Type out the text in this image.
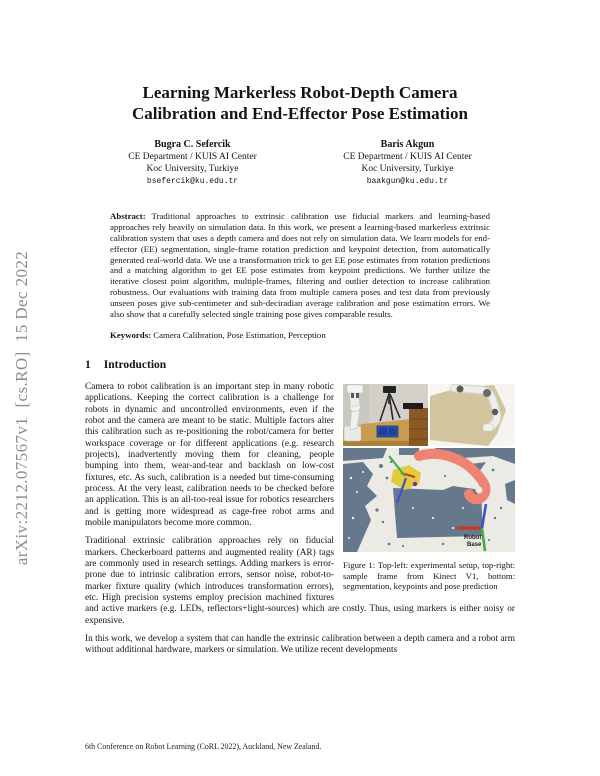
arXiv:2212.07567v1  [cs.RO]  15 Dec 2022
Learning Markerless Robot-Depth Camera
Calibration and End-Effector Pose Estimation
Bugra C. Sefercik
CE Department / KUIS AI Center
Koc University, Turkiye
bsefercik@ku.edu.tr
Baris Akgun
CE Department / KUIS AI Center
Koc University, Turkiye
baakgun@ku.edu.tr
Abstract: Traditional approaches to extrinsic calibration use fiducial markers and learning-based approaches rely heavily on simulation data. In this work, we present a learning-based markerless extrinsic calibration system that uses a depth camera and does not rely on simulation data. We learn models for end-effector (EE) segmentation, single-frame rotation prediction and keypoint detection, from automatically generated real-world data. We use a transformation trick to get EE pose estimates from rotation predictions and a matching algorithm to get EE pose estimates from keypoint predictions. We further utilize the iterative closest point algorithm, multiple-frames, filtering and outlier detection to increase calibration robustness. Our evaluations with training data from multiple camera poses and test data from previously unseen poses give sub-centimeter and sub-deciradian average calibration and pose estimation errors. We also show that a carefully selected single training pose gives comparable results.
Keywords: Camera Calibration, Pose Estimation, Perception
1 Introduction
Robot
Base
Figure 1: Top-left: experimental setup, top-right: sample frame from Kinect V1, bottom: segmentation, keypoints and pose prediction

Camera to robot calibration is an important step in many robotic applications. Keeping the correct calibration is a challenge for robots in dynamic and uncontrolled environments, even if the robot and the camera are meant to be static. Multiple factors alter this calibration such as re-positioning the robot/camera for better workspace coverage or for different applications (e.g. research projects), inadvertently moving them for cleaning, people bumping into them, wear-and-tear and backlash on low-cost fixtures, etc. As such, calibration is a needed but time-consuming process. At the very least, calibration needs to be checked before an application. This is an all-too-real issue for robotics researchers and is getting more widespread as cage-free robot arms and mobile manipulators become more common.

Traditional extrinsic calibration approaches rely on fiducial markers. Checkerboard patterns and augmented reality (AR) tags are commonly used in research settings. Adding markers is error-prone due to intrinsic calibration errors, sensor noise, robot-to-marker fixture quality (which introduces transformation errors), etc. High precision systems employ precision machined fixtures and active markers (e.g. LEDs, reflectors+light-sources) which are costly. Thus, using markers is either noisy or expensive.

In this work, we develop a system that can handle the extrinsic calibration between a depth camera and a robot arm without additional hardware, markers or simulation. We utilize recent developments

6th Conference on Robot Learning (CoRL 2022), Auckland, New Zealand.
